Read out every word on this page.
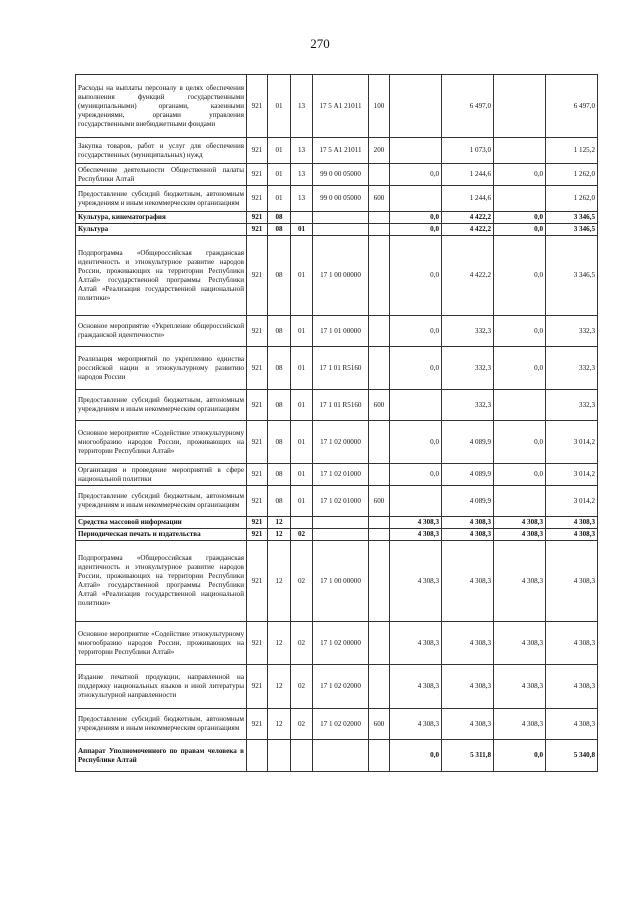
270
Расходы на выплаты персоналу в целях обеспечения выполнения функций государственными (муниципальными) органами, казенными учреждениями, органами управления государственными внебюджетными фондами	921	01	13	17 5 А1 21011	100		6 497,0		6 497,0
Закупка товаров, работ и услуг для обеспечения государственных (муниципальных) нужд	921	01	13	17 5 А1 21011	200		1 073,0		1 125,2
Обеспечение деятельности Общественной палаты Республики Алтай	921	01	13	99 0 00 05000		0,0	1 244,6	0,0	1 262,0
Предоставление субсидий бюджетным, автономным учреждениям и иным некоммерческим организациям	921	01	13	99 0 00 05000	600		1 244,6		1 262,0
Культура, кинематография	921	08				0,0	4 422,2	0,0	3 346,5
Культура	921	08	01			0,0	4 422,2	0,0	3 346,5
Подпрограмма «Общероссийская гражданская идентичность и этнокультурное развитие народов России, проживающих на территории Республики Алтай» государственной программы Республики Алтай «Реализация государственной национальной политики»	921	08	01	17 1 00 00000		0,0	4 422,2	0,0	3 346,5
Основное мероприятие «Укрепление общероссийской гражданской идентичности»	921	08	01	17 1 01 00000		0,0	332,3	0,0	332,3
Реализация мероприятий по укреплению единства российской нации и этнокультурному развитию народов России	921	08	01	17 1 01 R5160		0,0	332,3	0,0	332,3
Предоставление субсидий бюджетным, автономным учреждениям и иным некоммерческим организациям	921	08	01	17 1 01 R5160	600		332,3		332,3
Основное мероприятие «Содействие этнокультурному многообразию народов России, проживающих на территории Республики Алтай»	921	08	01	17 1 02 00000		0,0	4 089,9	0,0	3 014,2
Организация и проведение мероприятий в сфере национальной политики	921	08	01	17 1 02 01000		0,0	4 089,9	0,0	3 014,2
Предоставление субсидий бюджетным, автономным учреждениям и иным некоммерческим организациям	921	08	01	17 1 02 01000	600		4 089,9		3 014,2
Средства массовой информации	921	12				4 308,3	4 308,3	4 308,3	4 308,3
Периодическая печать и издательства	921	12	02			4 308,3	4 308,3	4 308,3	4 308,3
Подпрограмма «Общероссийская гражданская идентичность и этнокультурное развитие народов России, проживающих на территории Республики Алтай» государственной программы Республики Алтай «Реализация государственной национальной политики»	921	12	02	17 1 00 00000		4 308,3	4 308,3	4 308,3	4 308,3
Основное мероприятие «Содействие этнокультурному многообразию народов России, проживающих на территории Республики Алтай»	921	12	02	17 1 02 00000		4 308,3	4 308,3	4 308,3	4 308,3
Издание печатной продукции, направленной на поддержку национальных языков и иной литературы этнокультурной направленности	921	12	02	17 1 02 02000		4 308,3	4 308,3	4 308,3	4 308,3
Предоставление субсидий бюджетным, автономным учреждениям и иным некоммерческим организациям	921	12	02	17 1 02 02000	600	4 308,3	4 308,3	4 308,3	4 308,3
Аппарат Уполномоченного по правам человека в Республике Алтай						0,0	5 311,8	0,0	5 340,8
